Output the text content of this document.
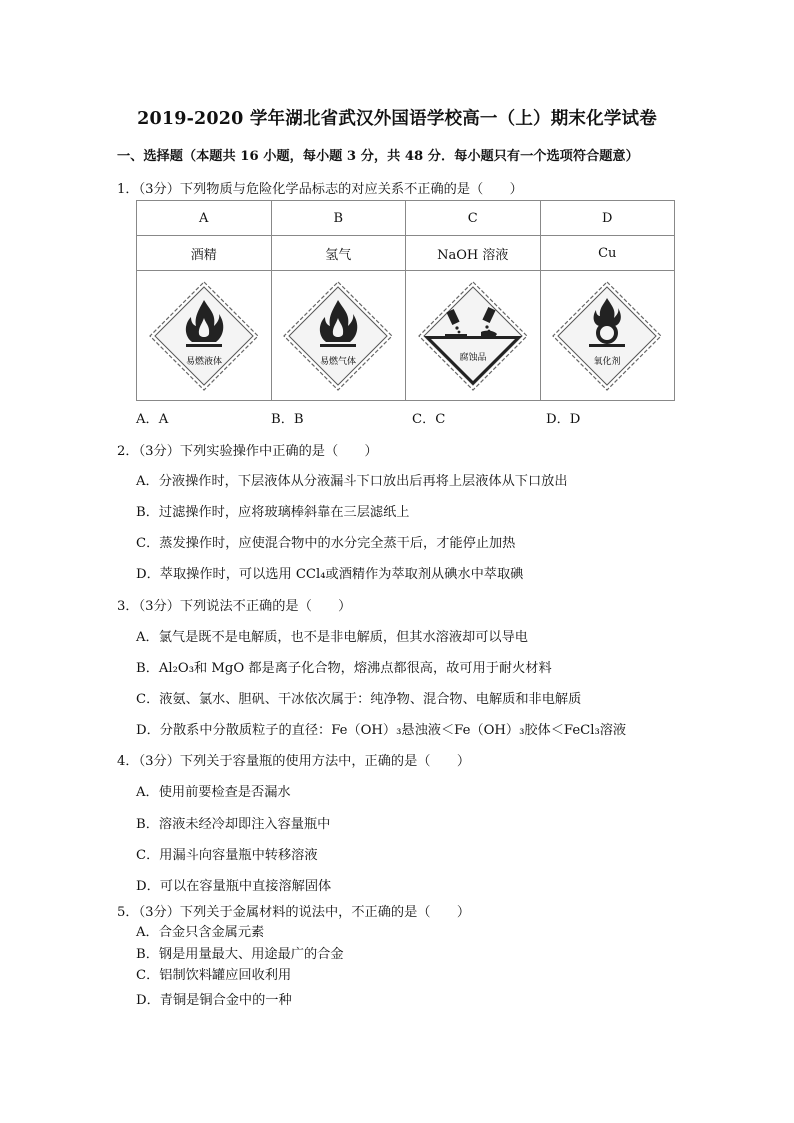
2019-2020 学年湖北省武汉外国语学校高一（上）期末化学试卷
一、选择题（本题共 16 小题，每小题 3 分，共 48 分．每小题只有一个选项符合题意）
1．（3分）下列物质与危险化学品标志的对应关系不正确的是（　　）
A	B	C	D
酒精	氢气	NaOH 溶液	Cu

易燃液体	易燃气体	腐蚀品	氧化剂
A．A	B．B	C．C	D．D
2．（3分）下列实验操作中正确的是（　　）
A．分液操作时，下层液体从分液漏斗下口放出后再将上层液体从下口放出
B．过滤操作时，应将玻璃棒斜靠在三层滤纸上
C．蒸发操作时，应使混合物中的水分完全蒸干后，才能停止加热
D．萃取操作时，可以选用 CCl₄或酒精作为萃取剂从碘水中萃取碘
3．（3分）下列说法不正确的是（　　）
A．氯气是既不是电解质，也不是非电解质，但其水溶液却可以导电
B．Al₂O₃和 MgO 都是离子化合物，熔沸点都很高，故可用于耐火材料
C．液氨、氯水、胆矾、干冰依次属于：纯净物、混合物、电解质和非电解质
D．分散系中分散质粒子的直径：Fe（OH）₃悬浊液＜Fe（OH）₃胶体＜FeCl₃溶液
4．（3分）下列关于容量瓶的使用方法中，正确的是（　　）
A．使用前要检查是否漏水
B．溶液未经冷却即注入容量瓶中
C．用漏斗向容量瓶中转移溶液
D．可以在容量瓶中直接溶解固体
5．（3分）下列关于金属材料的说法中，不正确的是（　　）
A．合金只含金属元素
B．钢是用量最大、用途最广的合金
C．铝制饮料罐应回收利用
D．青铜是铜合金中的一种
